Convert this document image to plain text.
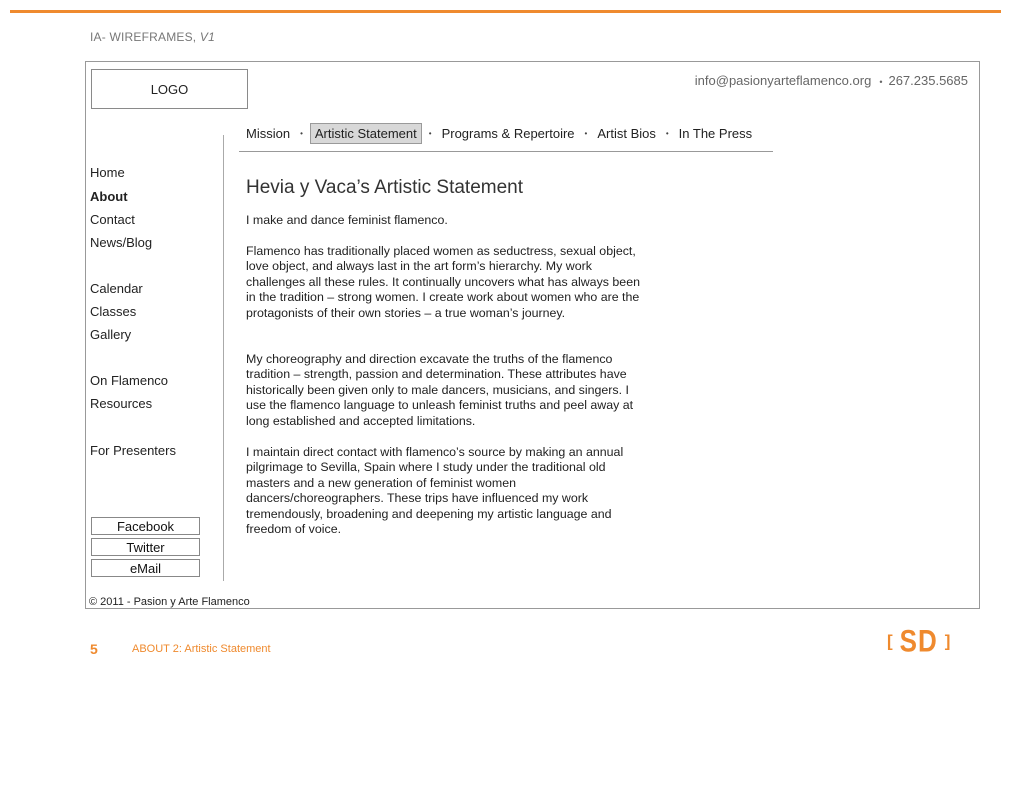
IA- WIREFRAMES, V1
LOGO
info@pasionyarteflamenco.org • 267.235.5685
Mission	• Artistic Statement	• Programs & Repertoire	• Artist Bios	• In The Press
Home
About
Contact
News/Blog
Calendar
Classes
Gallery
On Flamenco
Resources
For Presenters
Facebook
Twitter
eMail
© 2011 - Pasion y Arte Flamenco
Hevia y Vaca’s Artistic Statement
I make and dance feminist flamenco.
Flamenco has traditionally placed women as seductress, sexual object, love object, and always last in the art form’s hierarchy. My work challenges all these rules. It continually uncovers what has always been in the tradition – strong women. I create work about women who are the protagonists of their own stories – a true woman’s journey.
My choreography and direction excavate the truths of the flamenco tradition – strength, passion and determination. These attributes have historically been given only to male dancers, musicians, and singers. I use the flamenco language to unleash feminist truths and peel away at long established and accepted limitations.
I maintain direct contact with flamenco’s source by making an annual pilgrimage to Sevilla, Spain where I study under the traditional old masters and a new generation of feminist women dancers/choreographers. These trips have influenced my work tremendously, broadening and deepening my artistic language and freedom of voice.
5	ABOUT 2: Artistic Statement	[ SD ]
